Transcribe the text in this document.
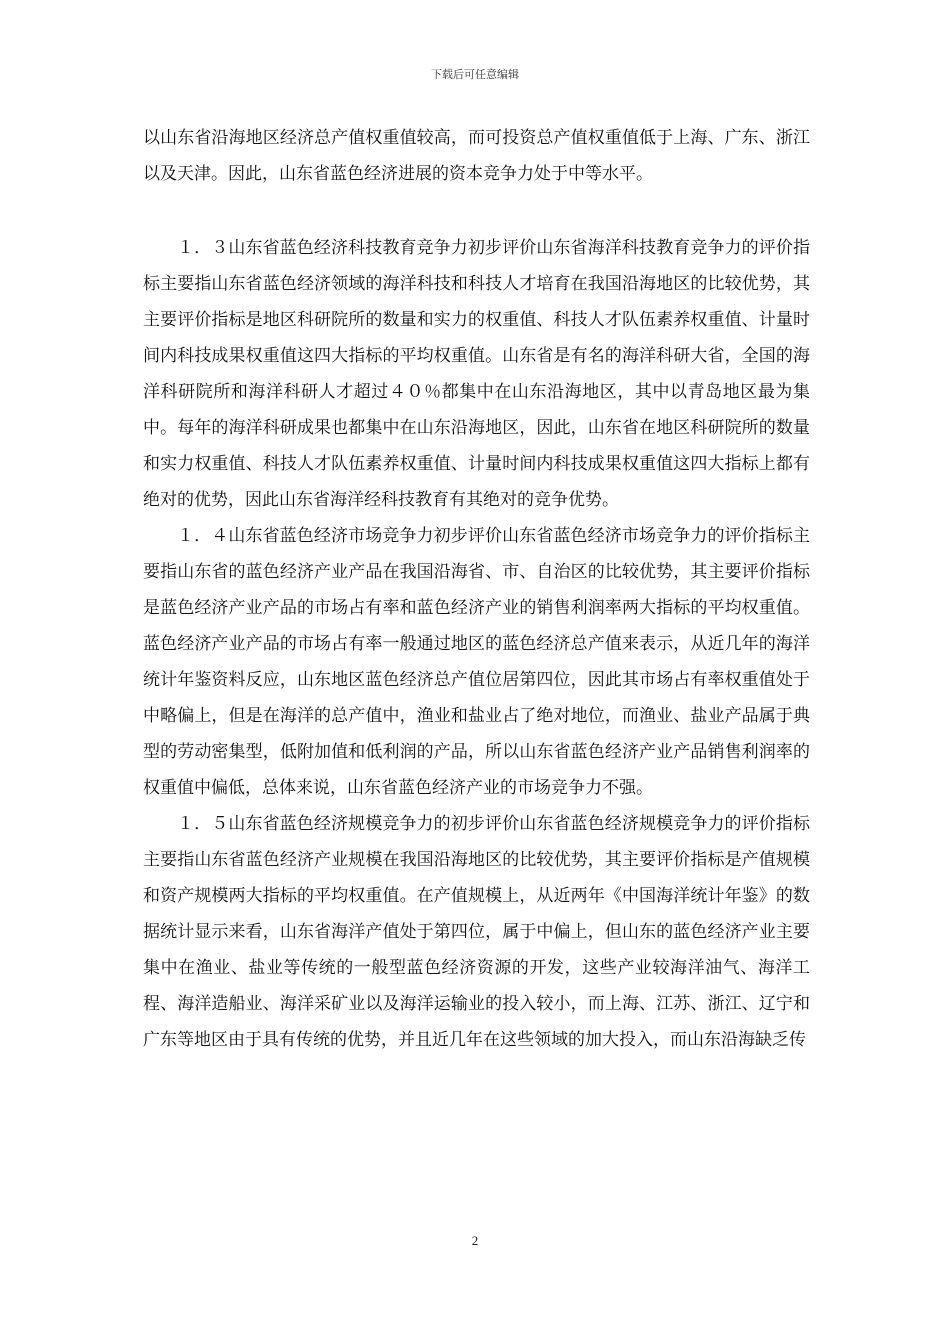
下载后可任意编辑

以山东省沿海地区经济总产值权重值较高，而可投资总产值权重值低于上海、广东、浙江以及天津。因此，山东省蓝色经济进展的资本竞争力处于中等水平。

１．３山东省蓝色经济科技教育竞争力初步评价山东省海洋科技教育竞争力的评价指标主要指山东省蓝色经济领域的海洋科技和科技人才培育在我国沿海地区的比较优势，其主要评价指标是地区科研院所的数量和实力的权重值、科技人才队伍素养权重值、计量时间内科技成果权重值这四大指标的平均权重值。山东省是有名的海洋科研大省，全国的海洋科研院所和海洋科研人才超过４０％都集中在山东沿海地区，其中以青岛地区最为集中。每年的海洋科研成果也都集中在山东沿海地区，因此，山东省在地区科研院所的数量和实力权重值、科技人才队伍素养权重值、计量时间内科技成果权重值这四大指标上都有绝对的优势，因此山东省海洋经科技教育有其绝对的竞争优势。

１．４山东省蓝色经济市场竞争力初步评价山东省蓝色经济市场竞争力的评价指标主要指山东省的蓝色经济产业产品在我国沿海省、市、自治区的比较优势，其主要评价指标是蓝色经济产业产品的市场占有率和蓝色经济产业的销售利润率两大指标的平均权重值。蓝色经济产业产品的市场占有率一般通过地区的蓝色经济总产值来表示，从近几年的海洋统计年鉴资料反应，山东地区蓝色经济总产值位居第四位，因此其市场占有率权重值处于中略偏上，但是在海洋的总产值中，渔业和盐业占了绝对地位，而渔业、盐业产品属于典型的劳动密集型，低附加值和低利润的产品，所以山东省蓝色经济产业产品销售利润率的权重值中偏低，总体来说，山东省蓝色经济产业的市场竞争力不强。

１．５山东省蓝色经济规模竞争力的初步评价山东省蓝色经济规模竞争力的评价指标主要指山东省蓝色经济产业规模在我国沿海地区的比较优势，其主要评价指标是产值规模和资产规模两大指标的平均权重值。在产值规模上，从近两年《中国海洋统计年鉴》的数据统计显示来看，山东省海洋产值处于第四位，属于中偏上，但山东的蓝色经济产业主要集中在渔业、盐业等传统的一般型蓝色经济资源的开发，这些产业较海洋油气、海洋工程、海洋造船业、海洋采矿业以及海洋运输业的投入较小，而上海、江苏、浙江、辽宁和广东等地区由于具有传统的优势，并且近几年在这些领域的加大投入，而山东沿海缺乏传

2
